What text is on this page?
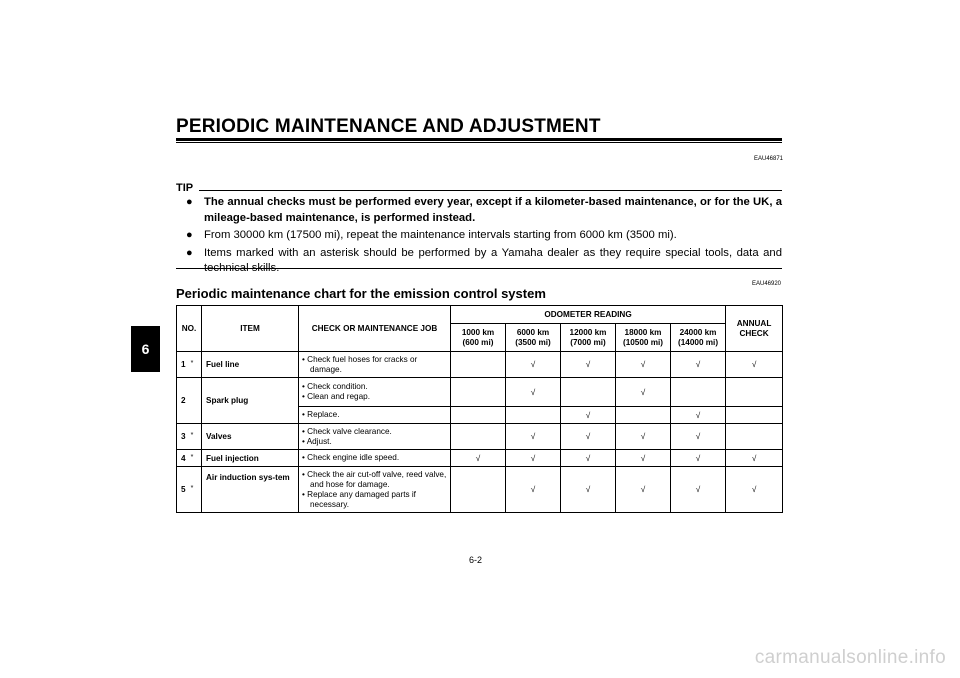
PERIODIC MAINTENANCE AND ADJUSTMENT
6
EAU46871
TIP
● The annual checks must be performed every year, except if a kilometer-based maintenance, or for the UK, a mileage-based maintenance, is performed instead.
● From 30000 km (17500 mi), repeat the maintenance intervals starting from 6000 km (3500 mi).
● Items marked with an asterisk should be performed by a Yamaha dealer as they require special tools, data and technical skills.
EAU46920
Periodic maintenance chart for the emission control system
NO.	ITEM	CHECK OR MAINTENANCE JOB	ODOMETER READING					ANNUAL CHECK
			1000 km
(600 mi)	6000 km
(3500 mi)	12000 km
(7000 mi)	18000 km
(10500 mi)	24000 km
(14000 mi)	
1 *	Fuel line	• Check fuel hoses for cracks or damage.		√	√	√	√	√
2	Spark plug	• Check condition.
• Clean and regap.		√		√		

		• Replace.			√		√	
3 *	Valves	• Check valve clearance.
• Adjust.		√	√	√	√	
4 *	Fuel injection	• Check engine idle speed.	√	√	√	√	√	√
5 *	Air induction sys-tem	• Check the air cut-off valve, reed valve, and hose for damage.
• Replace any damaged parts if necessary.		√	√	√	√	√
6-2
carmanualsonline.info
